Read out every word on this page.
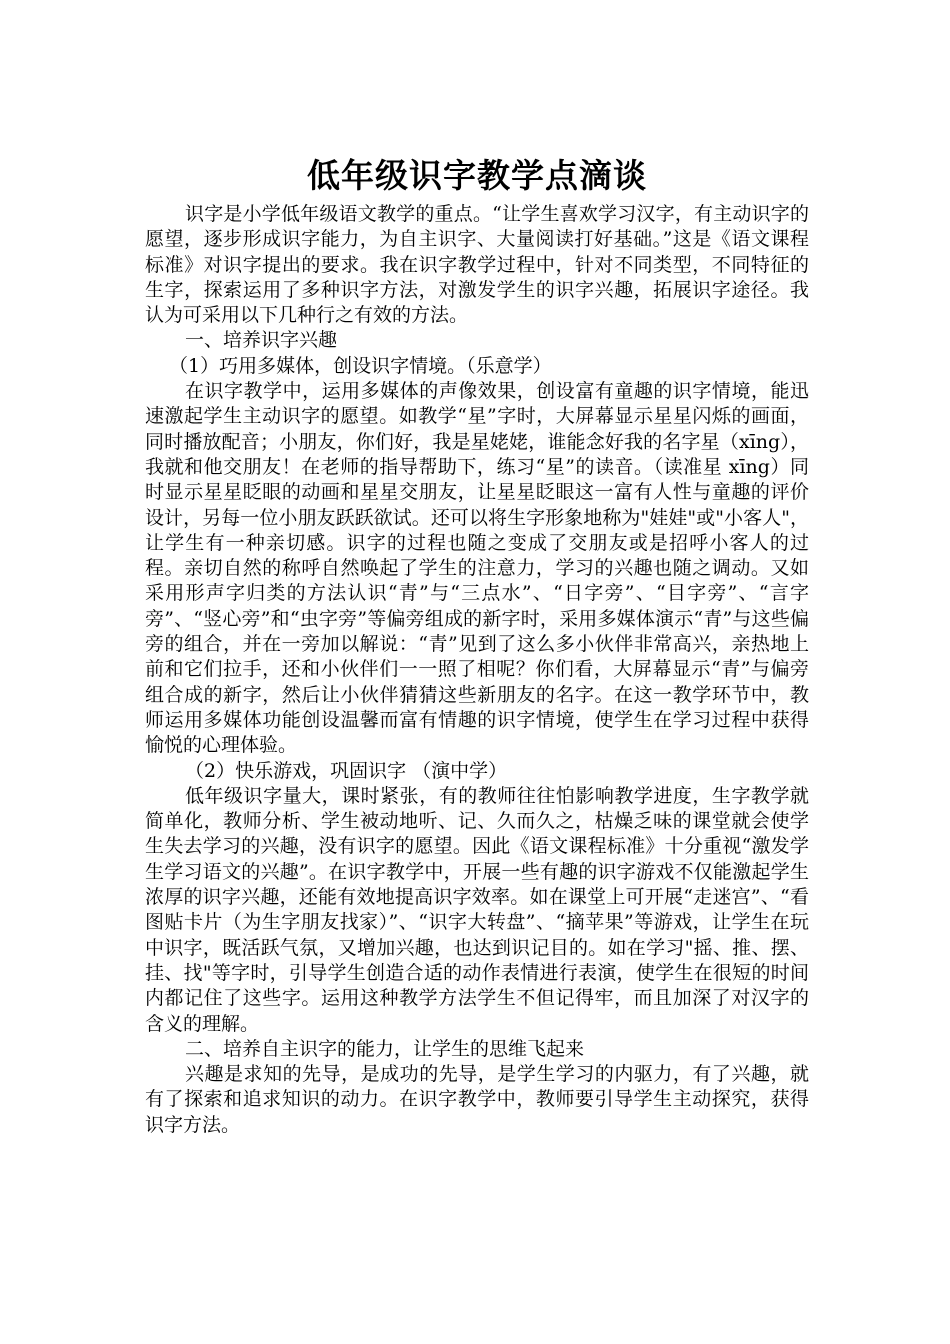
低年级识字教学点滴谈

识字是小学低年级语文教学的重点。“让学生喜欢学习汉字，有主动识字的愿望，逐步形成识字能力，为自主识字、大量阅读打好基础。”这是《语文课程标准》对识字提出的要求。我在识字教学过程中，针对不同类型，不同特征的生字，探索运用了多种识字方法，对激发学生的识字兴趣，拓展识字途径。我认为可采用以下几种行之有效的方法。

一、培养识字兴趣

（1）巧用多媒体，创设识字情境。（乐意学）

在识字教学中，运用多媒体的声像效果，创设富有童趣的识字情境，能迅速激起学生主动识字的愿望。如教学“星”字时，大屏幕显示星星闪烁的画面，同时播放配音；小朋友，你们好，我是星姥姥，谁能念好我的名字星（xīng），我就和他交朋友！在老师的指导帮助下，练习“星”的读音。（读准星 xīng）同时显示星星眨眼的动画和星星交朋友，让星星眨眼这一富有人性与童趣的评价设计，另每一位小朋友跃跃欲试。还可以将生字形象地称为"娃娃"或"小客人"，让学生有一种亲切感。识字的过程也随之变成了交朋友或是招呼小客人的过程。亲切自然的称呼自然唤起了学生的注意力，学习的兴趣也随之调动。又如采用形声字归类的方法认识“青”与“三点水”、“日字旁”、“目字旁”、“言字旁”、“竖心旁”和“虫字旁”等偏旁组成的新字时，采用多媒体演示“青”与这些偏旁的组合，并在一旁加以解说：“青”见到了这么多小伙伴非常高兴，亲热地上前和它们拉手，还和小伙伴们一一照了相呢？你们看，大屏幕显示“青”与偏旁组合成的新字，然后让小伙伴猜猜这些新朋友的名字。在这一教学环节中，教师运用多媒体功能创设温馨而富有情趣的识字情境，使学生在学习过程中获得愉悦的心理体验。

（2）快乐游戏，巩固识字 （演中学）

低年级识字量大，课时紧张，有的教师往往怕影响教学进度，生字教学就简单化，教师分析、学生被动地听、记、久而久之，枯燥乏味的课堂就会使学生失去学习的兴趣，没有识字的愿望。因此《语文课程标准》十分重视“激发学生学习语文的兴趣”。在识字教学中，开展一些有趣的识字游戏不仅能激起学生浓厚的识字兴趣，还能有效地提高识字效率。如在课堂上可开展“走迷宫”、“看图贴卡片（为生字朋友找家）”、“识字大转盘”、“摘苹果”等游戏，让学生在玩中识字，既活跃气氛，又增加兴趣，也达到识记目的。如在学习"摇、推、摆、挂、找"等字时，引导学生创造合适的动作表情进行表演，使学生在很短的时间内都记住了这些字。运用这种教学方法学生不但记得牢，而且加深了对汉字的含义的理解。

二、培养自主识字的能力，让学生的思维飞起来

兴趣是求知的先导，是成功的先导，是学生学习的内驱力，有了兴趣，就有了探索和追求知识的动力。在识字教学中，教师要引导学生主动探究，获得识字方法。
